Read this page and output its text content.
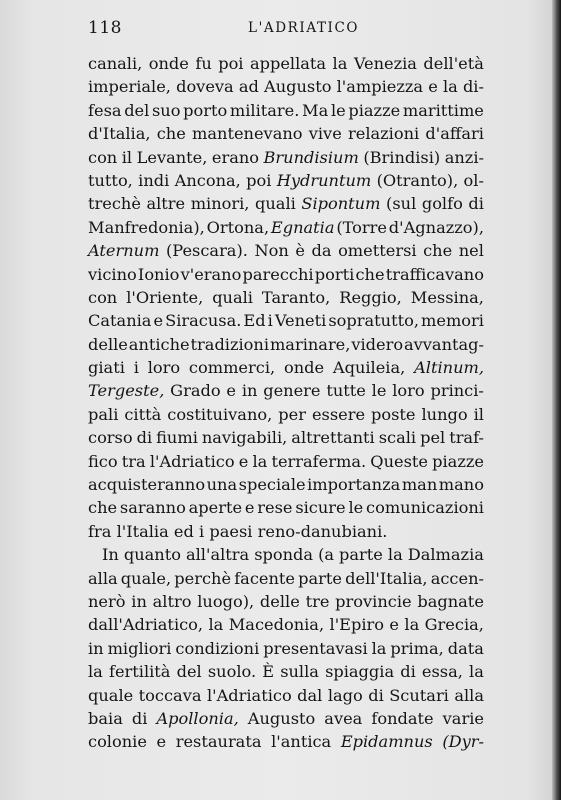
118	L'ADRIATICO
canali, onde fu poi appellata la Venezia dell'età
imperiale, doveva ad Augusto l'ampiezza e la di-
fesa del suo porto militare. Ma le piazze marittime
d'Italia, che mantenevano vive relazioni d'affari
con il Levante, erano Brundisium (Brindisi) anzi-
tutto, indi Ancona, poi Hydruntum (Otranto), ol-
trechè altre minori, quali Sipontum (sul golfo di
Manfredonia), Ortona, Egnatia (Torre d'Agnazzo),
Aternum (Pescara). Non è da omettersi che nel
vicino Ionio v'erano parecchi porti che trafficavano
con l'Oriente, quali Taranto, Reggio, Messina,
Catania e Siracusa. Ed i Veneti sopratutto, memori
delle antiche tradizioni marinare, videro avvantag-
giati i loro commerci, onde Aquileia, Altinum,
Tergeste, Grado e in genere tutte le loro princi-
pali città costituivano, per essere poste lungo il
corso di fiumi navigabili, altrettanti scali pel traf-
fico tra l'Adriatico e la terraferma. Queste piazze
acquisteranno una speciale importanza man mano
che saranno aperte e rese sicure le comunicazioni
fra l'Italia ed i paesi reno-danubiani.
In quanto all'altra sponda (a parte la Dalmazia
alla quale, perchè facente parte dell'Italia, accen-
nerò in altro luogo), delle tre provincie bagnate
dall'Adriatico, la Macedonia, l'Epiro e la Grecia,
in migliori condizioni presentavasi la prima, data
la fertilità del suolo. È sulla spiaggia di essa, la
quale toccava l'Adriatico dal lago di Scutari alla
baia di Apollonia, Augusto avea fondate varie
colonie e restaurata l'antica Epidamnus (Dyr-
